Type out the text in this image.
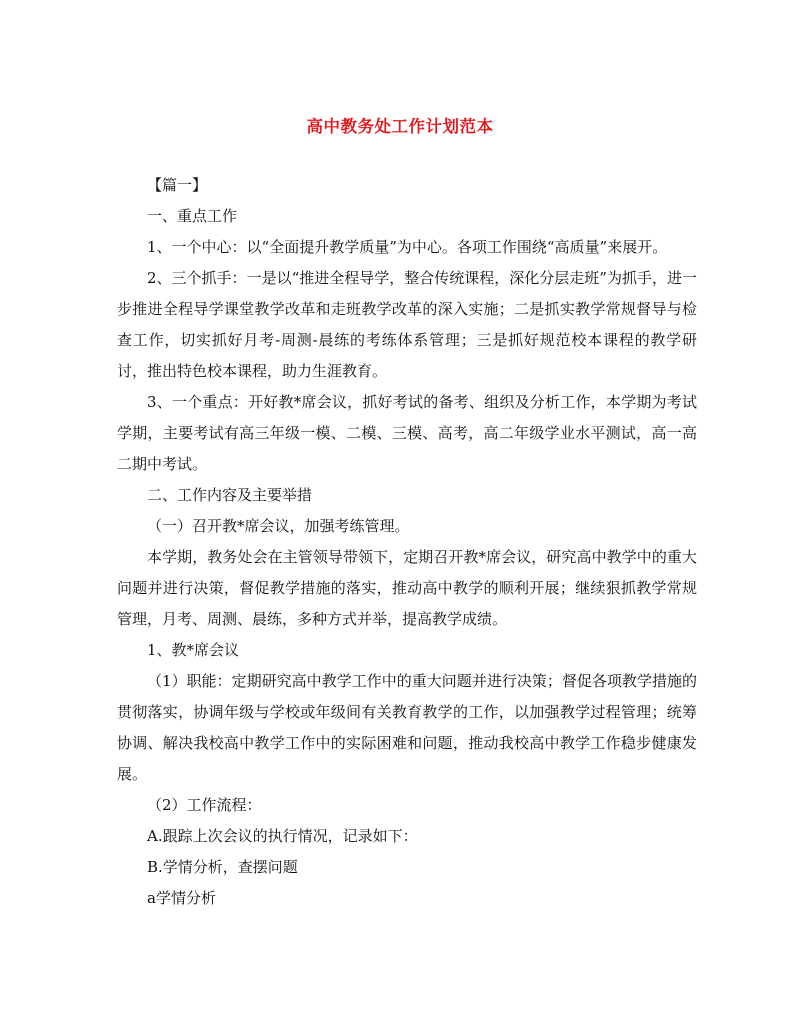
高中教务处工作计划范本

【篇一】

一、重点工作

1、一个中心：以“全面提升教学质量”为中心。各项工作围绕“高质量”来展开。

2、三个抓手：一是以“推进全程导学，整合传统课程，深化分层走班”为抓手，进一步推进全程导学课堂教学改革和走班教学改革的深入实施；二是抓实教学常规督导与检查工作，切实抓好月考-周测-晨练的考练体系管理；三是抓好规范校本课程的教学研讨，推出特色校本课程，助力生涯教育。

3、一个重点：开好教*席会议，抓好考试的备考、组织及分析工作，本学期为考试学期，主要考试有高三年级一模、二模、三模、高考，高二年级学业水平测试，高一高二期中考试。

二、工作内容及主要举措

（一）召开教*席会议，加强考练管理。

本学期，教务处会在主管领导带领下，定期召开教*席会议，研究高中教学中的重大问题并进行决策，督促教学措施的落实，推动高中教学的顺利开展；继续狠抓教学常规管理，月考、周测、晨练，多种方式并举，提高教学成绩。

1、教*席会议

（1）职能：定期研究高中教学工作中的重大问题并进行决策；督促各项教学措施的贯彻落实，协调年级与学校或年级间有关教育教学的工作，以加强教学过程管理；统筹协调、解决我校高中教学工作中的实际困难和问题，推动我校高中教学工作稳步健康发展。

（2）工作流程：

A.跟踪上次会议的执行情况，记录如下：

B.学情分析，查摆问题

a学情分析
